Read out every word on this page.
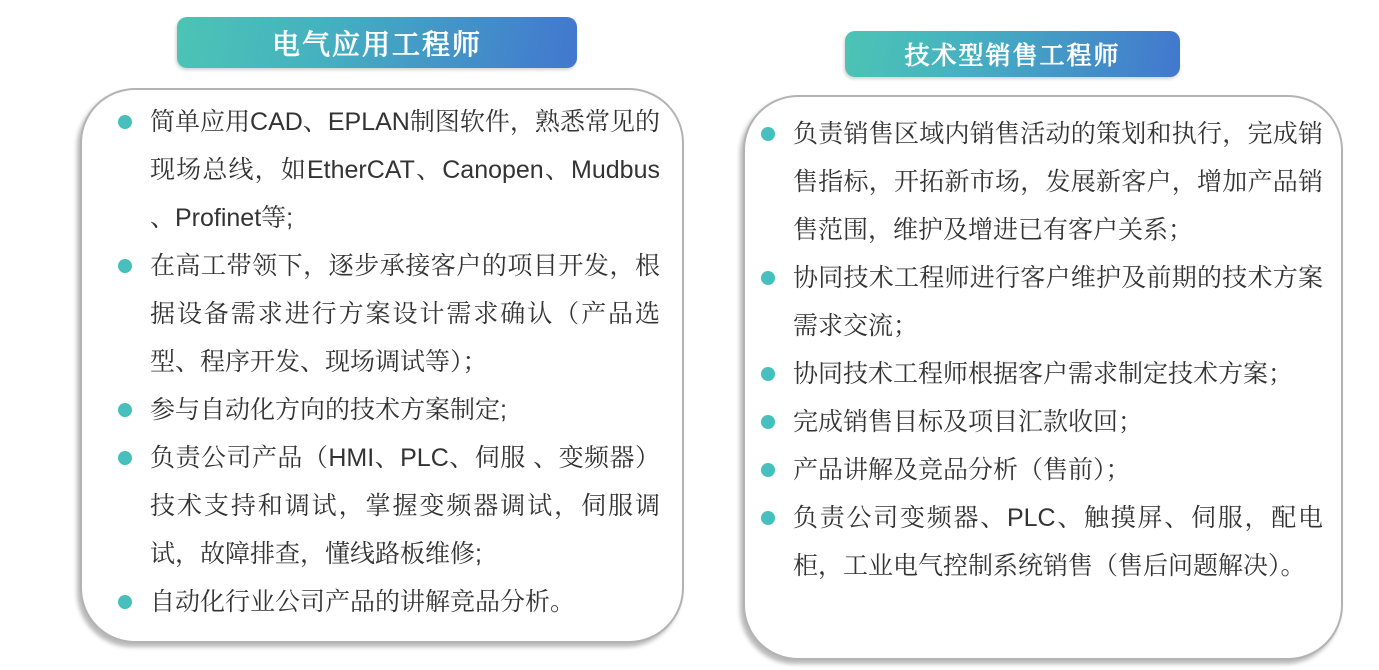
电气应用工程师
简单应用CAD、EPLAN制图软件，熟悉常见的现场总线，如EtherCAT、Canopen、Mudbus 、Profinet等;
在高工带领下，逐步承接客户的项目开发，根据设备需求进行方案设计需求确认（产品选型、程序开发、现场调试等）；
参与自动化方向的技术方案制定;
负责公司产品（HMI、PLC、伺服 、变频器）技术支持和调试，掌握变频器调试，伺服调试，故障排查，懂线路板维修;
自动化行业公司产品的讲解竞品分析。
技术型销售工程师
负责销售区域内销售活动的策划和执行，完成销售指标，开拓新市场，发展新客户，增加产品销售范围，维护及增进已有客户关系；
协同技术工程师进行客户维护及前期的技术方案需求交流；
协同技术工程师根据客户需求制定技术方案；
完成销售目标及项目汇款收回；
产品讲解及竞品分析（售前）；
负责公司变频器、PLC、触摸屏、伺服，配电柜，工业电气控制系统销售（售后问题解决）。
